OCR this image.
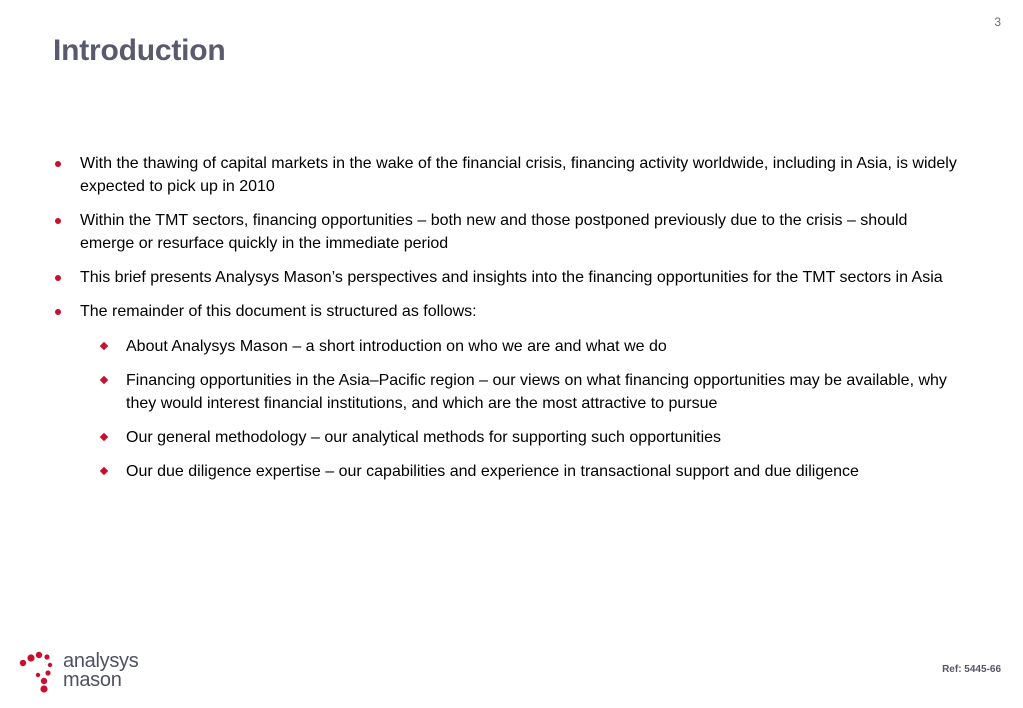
3
Introduction
With the thawing of capital markets in the wake of the financial crisis, financing activity worldwide, including in Asia, is widely expected to pick up in 2010
Within the TMT sectors, financing opportunities – both new and those postponed previously due to the crisis – should emerge or resurface quickly in the immediate period
This brief presents Analysys Mason’s perspectives and insights into the financing opportunities for the TMT sectors in Asia
The remainder of this document is structured as follows:
About Analysys Mason – a short introduction on who we are and what we do
Financing opportunities in the Asia–Pacific region – our views on what financing opportunities may be available, why they would interest financial institutions, and which are the most attractive to pursue
Our general methodology – our analytical methods for supporting such opportunities
Our due diligence expertise – our capabilities and experience in transactional support and due diligence
analysys
mason	Ref: 5445-66
